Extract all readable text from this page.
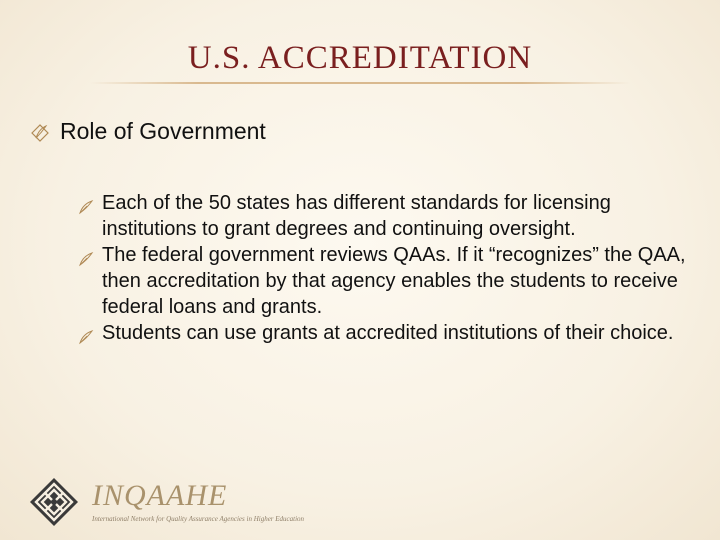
U.S. ACCREDITATION
Role of Government
Each of the 50 states has different standards for licensing institutions to grant degrees and continuing oversight.
The federal government reviews QAAs. If it “recognizes” the QAA, then accreditation by that agency enables the students to receive federal loans and grants.
Students can use grants at accredited institutions of their choice.
INQAAHE
International Network for Quality Assurance Agencies in Higher Education
